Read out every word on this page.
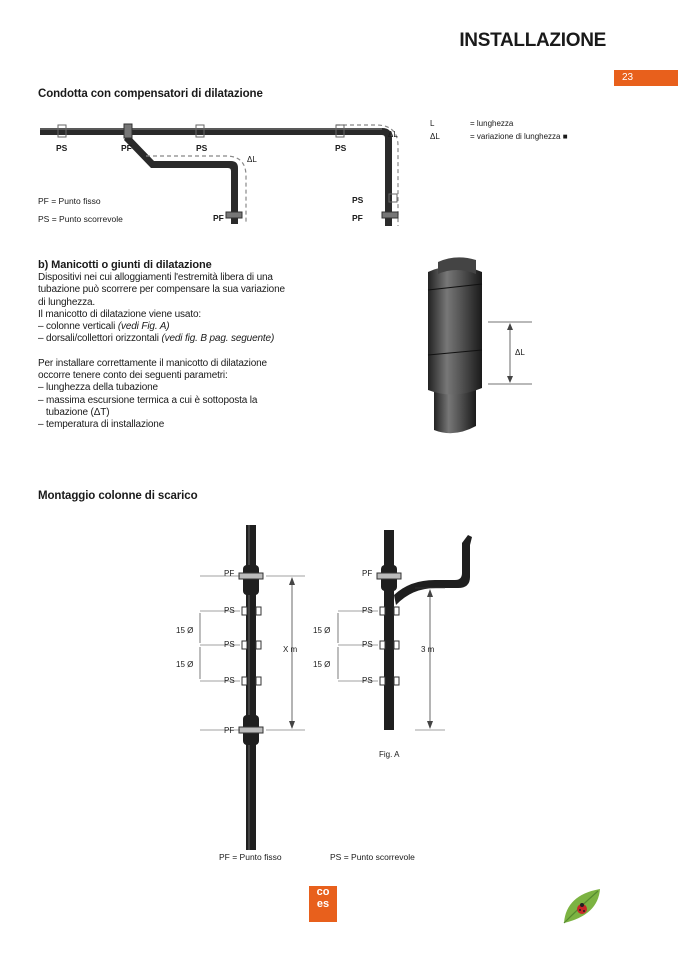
INSTALLAZIONE
23
Condotta con compensatori di dilatazione
PS	PF	PS	PS
ΔL
ΔL
PS
PF	PF
PF = Punto fisso
PS = Punto scorrevole
L	= lunghezza
ΔL	= variazione di lunghezza ■
b) Manicotti o giunti di dilatazione
Dispositivi nei cui alloggiamenti l'estremità libera di una
tubazione può scorrere per compensare la sua variazione
di lunghezza.
Il manicotto di dilatazione viene usato:
– colonne verticali (vedi Fig. A)
– dorsali/collettori orizzontali (vedi fig. B pag. seguente)
Per installare correttamente il manicotto di dilatazione
occorre tenere conto dei seguenti parametri:
– lunghezza della tubazione
– massima escursione termica a cui è sottoposta la
tubazione (ΔT)
– temperatura di installazione
ΔL
Montaggio colonne di scarico
PF
PS
PS
PS
PF
15 Ø
15 Ø
X m
PF
PS
PS
PS
15 Ø
15 Ø
3 m
Fig. A
PF = Punto fisso	PS = Punto scorrevole
co
es
